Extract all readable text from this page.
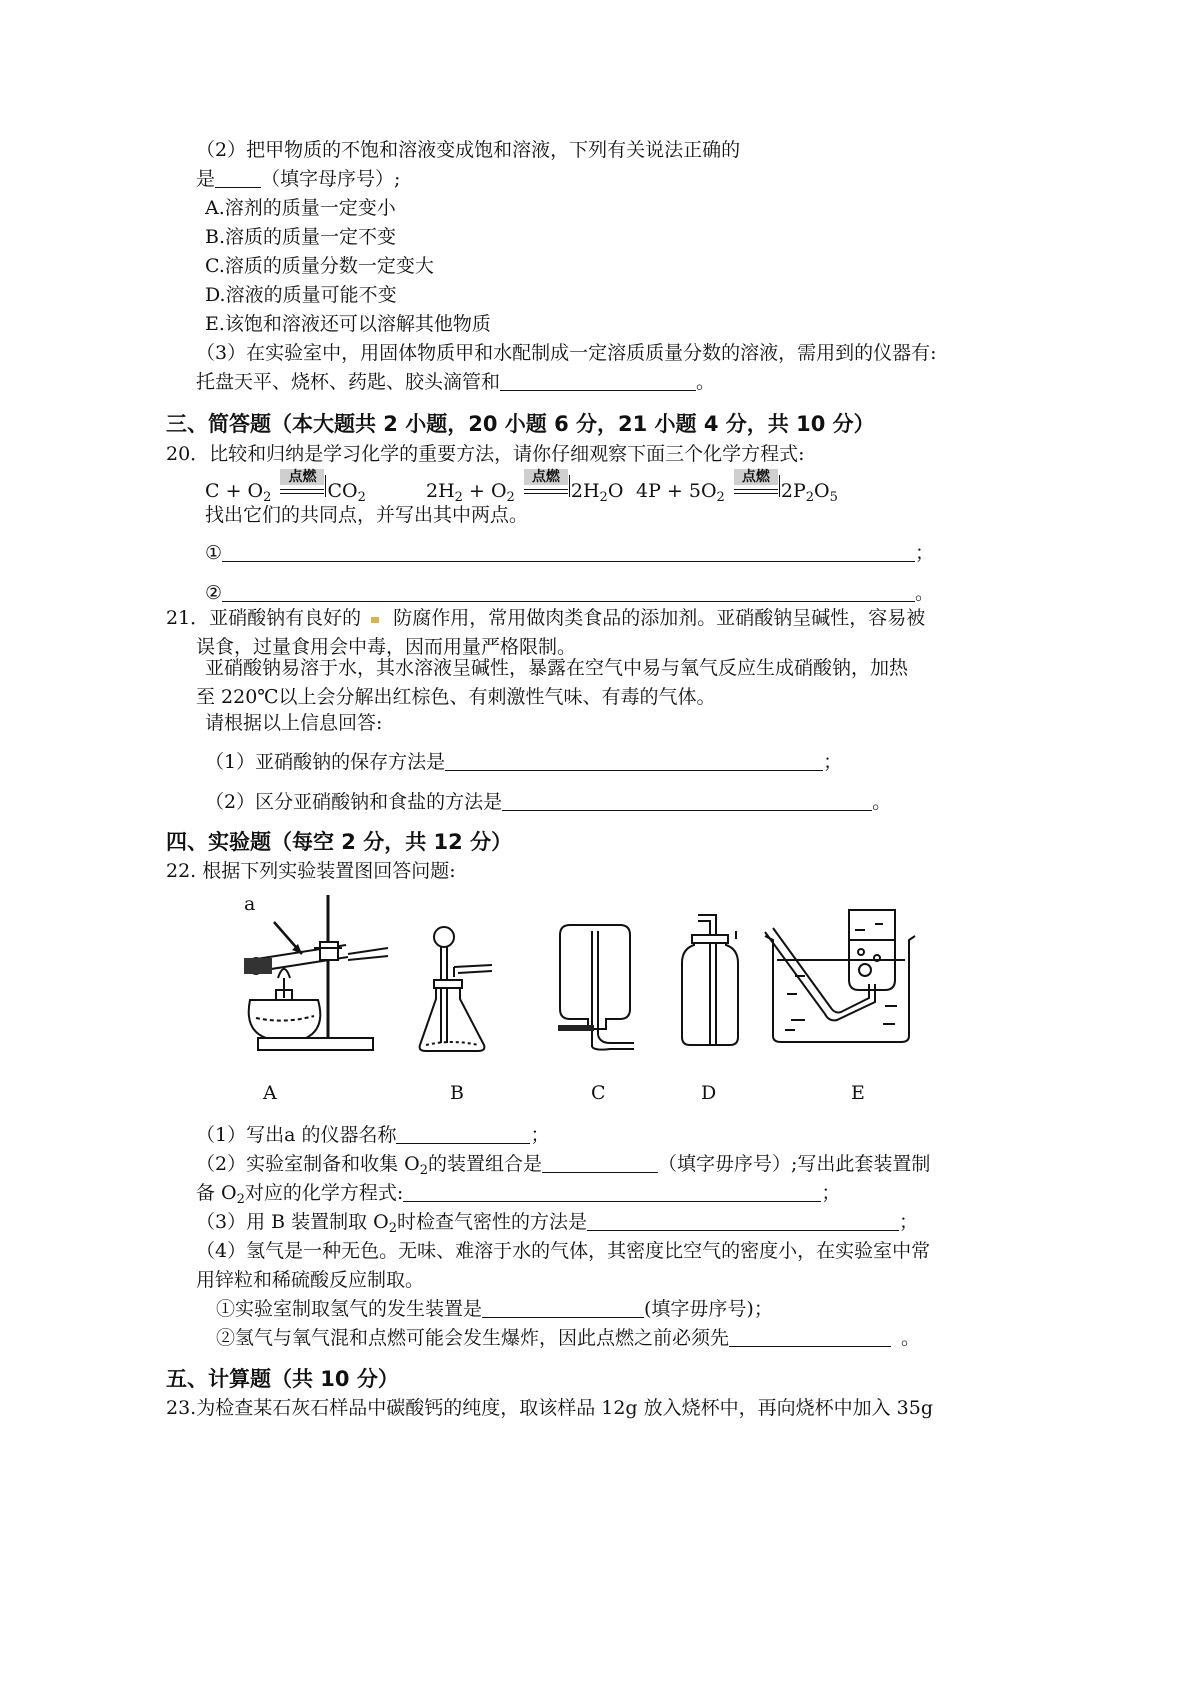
（2）把甲物质的不饱和溶液变成饱和溶液，下列有关说法正确的
是 （填字母序号）;
A.溶剂的质量一定变小
B.溶质的质量一定不变
C.溶质的质量分数一定变大
D.溶液的质量可能不变
E.该饱和溶液还可以溶解其他物质
（3）在实验室中，用固体物质甲和水配制成一定溶质质量分数的溶液，需用到的仪器有:
托盘天平、烧杯、药匙、胶头滴管和	。
三、简答题（本大题共 2 小题，20 小题 6 分，21 小题 4 分，共 10 分）
20．比较和归纳是学习化学的重要方法，请你仔细观察下面三个化学方程式:
$C + O_2$
点燃
$CO_2$	$2H_2 + O_2$
点燃
$2H_2O$ $4P + 5O_2$
点燃
$2P_2O_5$
找出它们的共同点，并写出其中两点。
①	；
②	。
21．亚硝酸钠有良好的 防腐作用，常用做肉类食品的添加剂。亚硝酸钠呈碱性，容易被
误食，过量食用会中毒，因而用量严格限制。
亚硝酸钠易溶于水，其水溶液呈碱性，暴露在空气中易与氧气反应生成硝酸钠，加热
至 220℃以上会分解出红棕色、有刺激性气味、有毒的气体。
请根据以上信息回答:
（1）亚硝酸钠的保存方法是	；
（2）区分亚硝酸钠和食盐的方法是	。
四、实验题（每空 2 分，共 12 分）
22. 根据下列实验装置图回答问题:
a
A	B	C	D	E
（1）写出a 的仪器名称	；
（2）实验室制备和收集 $O_2$的装置组合是	（填字毋序号）;写出此套装置制
备 $O_2$对应的化学方程式:	；
（3）用 B 装置制取 $O_2$时检查气密性的方法是	；
（4）氢气是一种无色。无味、难溶于水的气体，其密度比空气的密度小，在实验室中常
用锌粒和稀硫酸反应制取。
①实验室制取氢气的发生装置是	(填字毋序号)；
②氢气与氧气混和点燃可能会发生爆炸，因此点燃之前必须先	。
五、计算题（共 10 分）
23.为检查某石灰石样品中碳酸钙的纯度，取该样品 12g 放入烧杯中，再向烧杯中加入 35g
